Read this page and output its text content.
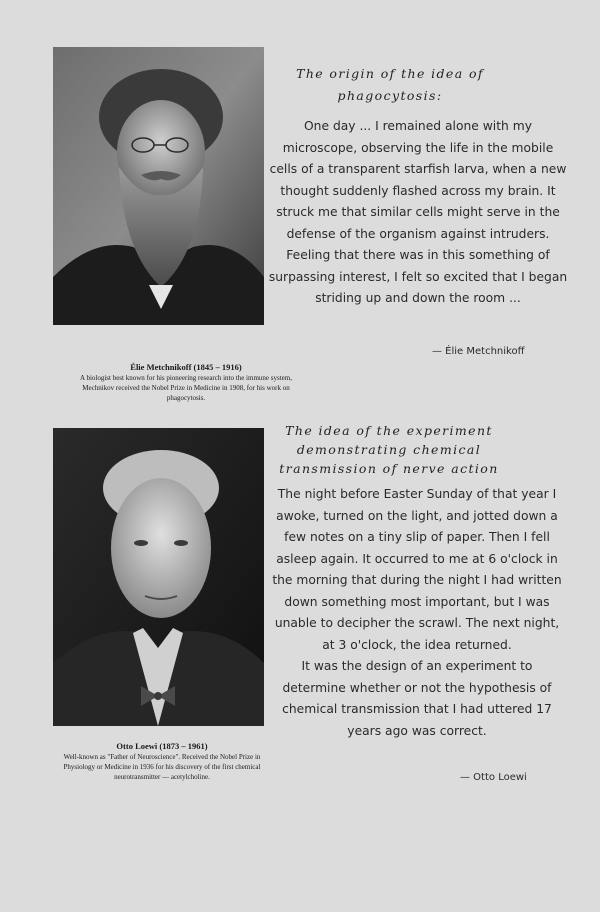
The origin of the idea of phagocytosis:
One day ... I remained alone with my microscope, observing the life in the mobile cells of a transparent starfish larva, when a new thought suddenly flashed across my brain. It struck me that similar cells might serve in the defense of the organism against intruders. Feeling that there was in this something of surpassing interest, I felt so excited that I began striding up and down the room ...
— Élie Metchnikoff
Élie Metchnikoff (1845 – 1916)
A biologist best known for his pioneering research into the immune system, Mechnikov received the Nobel Prize in Medicine in 1908, for his work on phagocytosis.
The idea of the experiment demonstrating chemical transmission of nerve action
The night before Easter Sunday of that year I awoke, turned on the light, and jotted down a few notes on a tiny slip of paper. Then I fell asleep again. It occurred to me at 6 o'clock in the morning that during the night I had written down something most important, but I was unable to decipher the scrawl. The next night, at 3 o'clock, the idea returned.
It was the design of an experiment to determine whether or not the hypothesis of chemical transmission that I had uttered 17 years ago was correct.
— Otto Loewi
Otto Loewi (1873 – 1961)
Well-known as "Father of Neuroscience". Received the Nobel Prize in Physiology or Medicine in 1936 for his discovery of the first chemical neurotransmitter — acetylcholine.
